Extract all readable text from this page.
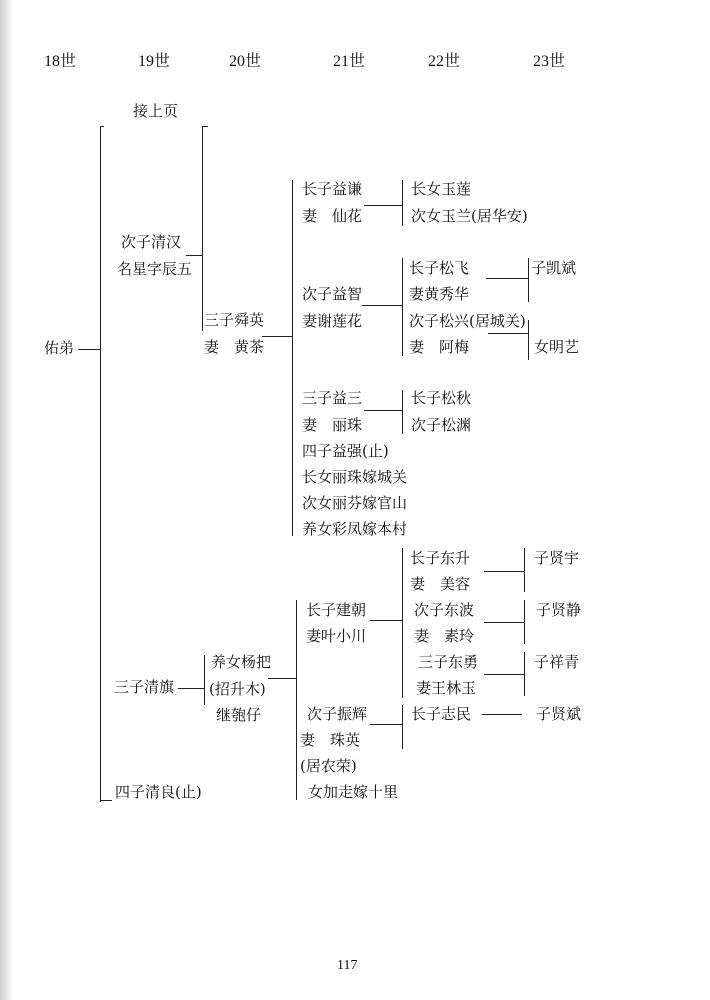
18世	19世	20世	21世	22世	23世
接上页
佑弟
次子清汉
名星字辰五
三子清旗
四子清良(止)
三子舜英
妻　黄茶
养女杨把
(招升木)
继匏仔
长子益谦
妻　仙花
次子益智
妻谢莲花
三子益三
妻　丽珠
四子益强(止)
长女丽珠嫁城关
次女丽芬嫁官山
养女彩凤嫁本村
长子建朝
妻叶小川
次子振辉
妻　珠英
(居农荣)
女加走嫁十里
长女玉莲
次女玉兰(居华安)
长子松飞
妻黄秀华
次子松兴(居城关)
妻　阿梅
长子松秋
次子松渊
长子东升
妻　美容
次子东波
妻　素玲
三子东勇
妻王林玉
长子志民
子凯斌
女明艺
子贤宇
子贤静
子祥青
子贤斌
117
